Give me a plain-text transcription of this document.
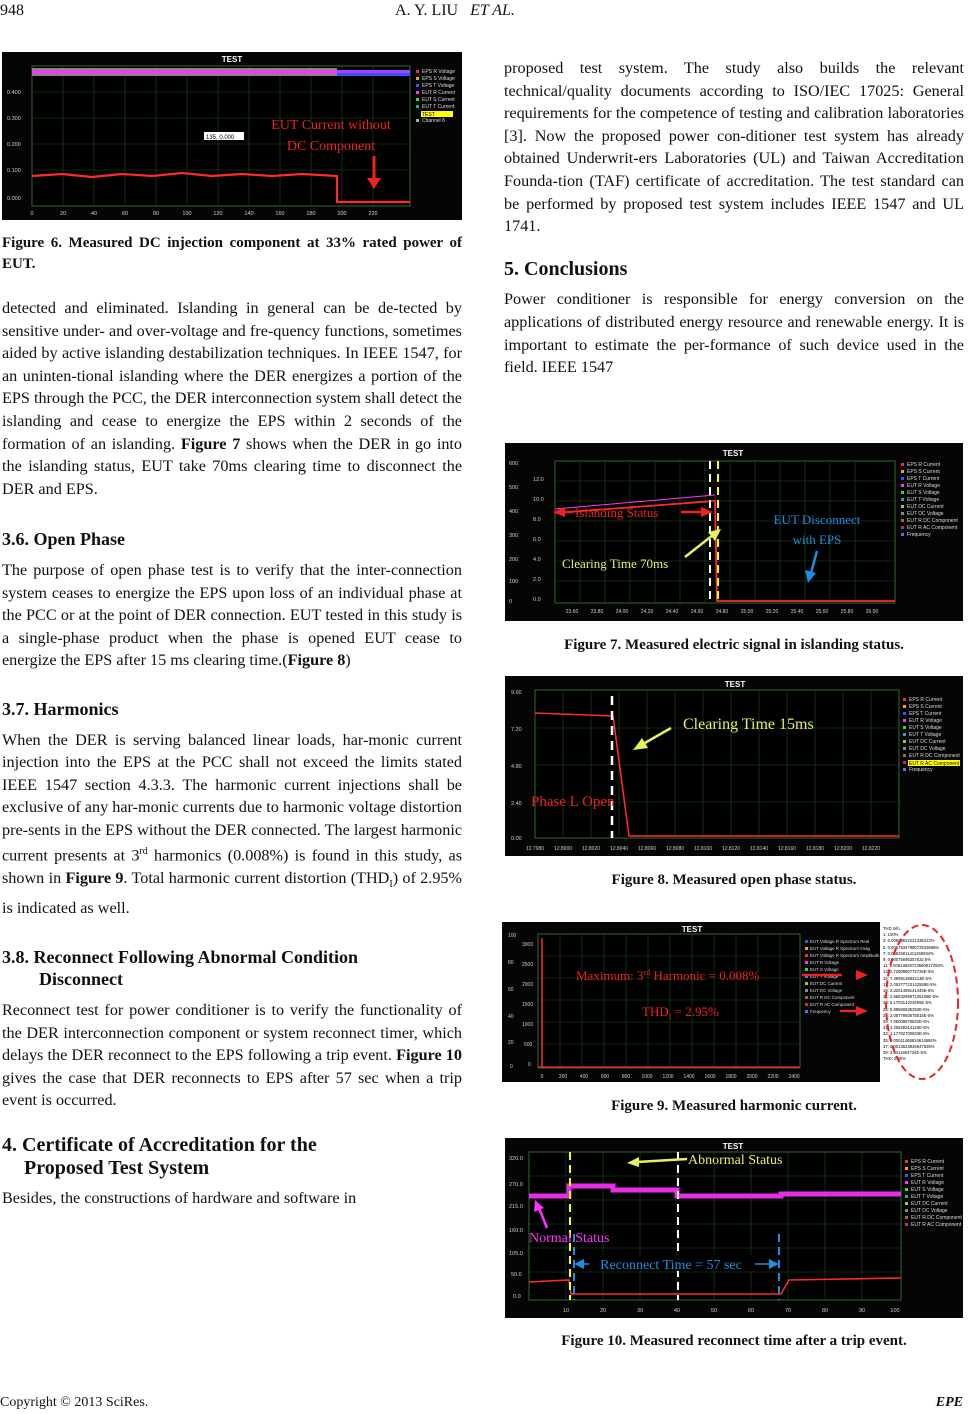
948	A. Y. LIU ET AL.
TEST
135, 0.000
0.400
0.300
0.200
0.100
0.000
0	20	40	60	80	100	120	140	160	180	200	220
EPS R Voltage
EPS S Voltage
EPS T Voltage
EUT R Current
EUT S Current
EUT T Current
TEST
Channel 8
EUT Current without
DC Component
Figure 6. Measured DC injection component at 33% rated power of EUT.

detected and eliminated. Islanding in general can be de-tected by sensitive under- and over-voltage and fre-quency functions, sometimes aided by active islanding destabilization techniques. In IEEE 1547, for an uninten-tional islanding where the DER energizes a portion of the EPS through the PCC, the DER interconnection system shall detect the islanding and cease to energize the EPS within 2 seconds of the formation of an islanding. Figure 7 shows when the DER in go into the islanding status, EUT take 70ms clearing time to disconnect the DER and EPS.

3.6. Open Phase

The purpose of open phase test is to verify that the inter-connection system ceases to energize the EPS upon loss of an individual phase at the PCC or at the point of DER connection. EUT tested in this study is a single-phase product when the phase is opened EUT cease to energize the EPS after 15 ms clearing time.(Figure 8)

3.7. Harmonics

When the DER is serving balanced linear loads, har-monic current injection into the EPS at the PCC shall not exceed the limits stated IEEE 1547 section 4.3.3. The harmonic current injections shall be exclusive of any har-monic currents due to harmonic voltage distortion pre-sents in the EPS without the DER connected. The largest harmonic current presents at 3rd harmonics (0.008%) is found in this study, as shown in Figure 9. Total harmonic current distortion $(THD_I)$ of 2.95% is indicated as well.

3.8. Reconnect Following Abnormal Condition
Disconnect

Reconnect test for power conditioner is to verify the functionality of the DER interconnection component or system reconnect timer, which delays the DER reconnect to the EPS following a trip event. Figure 10 gives the case that DER reconnects to EPS after 57 sec when a trip event is occurred.

4. Certificate of Accreditation for the
Proposed Test System

Besides, the constructions of hardware and software in

proposed test system. The study also builds the relevant technical/quality documents according to ISO/IEC 17025: General requirements for the competence of testing and calibration laboratories [3]. Now the proposed power con-ditioner test system has already obtained Underwrit-ers Laboratories (UL) and Taiwan Accreditation Founda-tion (TAF) certificate of accreditation. The test standard can be performed by proposed test system includes IEEE 1547 and UL 1741.

5. Conclusions

Power conditioner is responsible for energy conversion on the applications of distributed energy resource and renewable energy. It is important to estimate the per-formance of such device used in the field. IEEE 1547

TEST
600
500
400
300
200
100
0
12.0
10.0
8.0
6.0
4.0
2.0
0.0
23.60 23.80 24.00 24.20 24.40 24.60 24.80 25.00 25.20 25.40 25.60 25.80 26.00
EPS R Current
EPS S Current
EPS T Current
EUT R Voltage
EUT S Voltage
EUT T Voltage
EUT DC Current
EUT DC Voltage
EUT R DC Component
EUT R AC Component
Frequency
Islanding Status
Clearing Time 70ms
EUT Disconnect
with EPS
Figure 7. Measured electric signal in islanding status.
TEST
9.60
7.20
4.80
2.40
0.00
12.7980 12.8000 12.8020 12.8040 12.8060 12.8080 12.8100 12.8120 12.8140 12.8160 12.8180 12.8200 12.8220
EPS R Current
EPS S Current
EPS T Current
EUT R Voltage
EUT S Voltage
EUT T Voltage
EUT DC Current
EUT DC Voltage
EUT R DC Component
EUT R AC Component
Frequency
Clearing Time 15ms
Phase L Open
Figure 8. Measured open phase status.
TEST
100
80
60
40
20
0
3000
2500
2000
1500
1000
500
0
0	200	400	600	800 1000 1200 1400 1600 1800 2000 2200 2400
EUT Voltage R Spectrum Real
EUT Voltage R Spectrum Imag
EUT Voltage R Spectrum Amplitude
EUT R Voltage
EUT S Voltage
EUT T Voltage
EUT DC Current
EUT DC Voltage
EUT R DC Component
EUT R AC Component
Frequency
Maximum: 3rd Harmonic = 0.008%
$THD_I = 2.95\%$
THD Info
1: 100%
3: 0.00843922221335413%
5: 0.0067634788072533686%
7: 0.00625811411266934%
9: 0.00075695357632.6%
11: 0.00613626723660917293%
13: 2.7290880772726E-5%
15: 7.389913694213E-5%
17: 2.05377723142559E-5%
19: 2.3201488141445E-5%
21: 2.968328597105428E-5%
23: 5.170314222655E-5%
25: 5.89560835292E-5%
27: 2.0877850575815E-5%
29: 7.05008876832E-5%
31: 2.25828314120E-5%
33: 1.17762700833E-5%
35: 0.00011468634614584%
37: 0.0013623826847825%
39: 3.9411664734E-5%
THD: 2.95%
Figure 9. Measured harmonic current.
TEST
320.0
270.0
215.0
160.0
105.0
50.0
0.0
10	20	30	40	50	60	70	80	90	100
EPS R Current
EPS S Current
EPS T Current
EUT R Voltage
EUT S Voltage
EUT T Voltage
EUT DC Current
EUT DC Voltage
EUT R DC Component
EUT R AC Component
Abnormal Status
Normal Status
Reconnect Time = 57 sec
Figure 10. Measured reconnect time after a trip event.
Copyright © 2013 SciRes.	EPE
